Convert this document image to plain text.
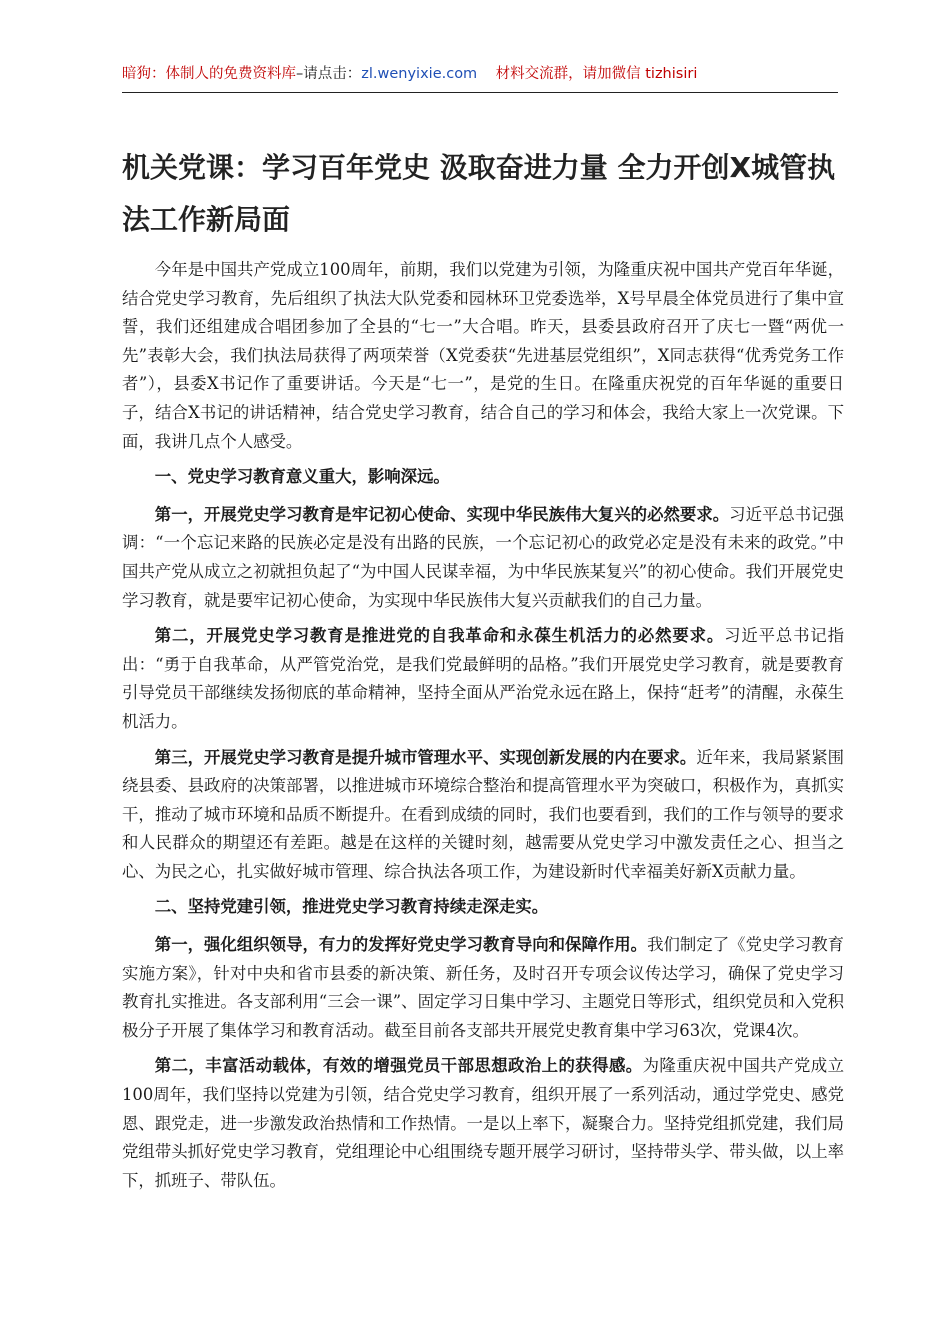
暗狗：体制人的免费资料库–请点击：zl.wenyixie.com 材料交流群，请加微信 tizhisiri
机关党课：学习百年党史 汲取奋进力量 全力开创X城管执法工作新局面

今年是中国共产党成立100周年，前期，我们以党建为引领，为隆重庆祝中国共产党百年华诞，结合党史学习教育，先后组织了执法大队党委和园林环卫党委选举，X号早晨全体党员进行了集中宣誓，我们还组建成合唱团参加了全县的“七一”大合唱。昨天，县委县政府召开了庆七一暨“两优一先”表彰大会，我们执法局获得了两项荣誉（X党委获“先进基层党组织”，X同志获得“优秀党务工作者”），县委X书记作了重要讲话。今天是“七一”，是党的生日。在隆重庆祝党的百年华诞的重要日子，结合X书记的讲话精神，结合党史学习教育，结合自己的学习和体会，我给大家上一次党课。下面，我讲几点个人感受。

一、党史学习教育意义重大，影响深远。

第一，开展党史学习教育是牢记初心使命、实现中华民族伟大复兴的必然要求。习近平总书记强调：“一个忘记来路的民族必定是没有出路的民族，一个忘记初心的政党必定是没有未来的政党。”中国共产党从成立之初就担负起了“为中国人民谋幸福，为中华民族某复兴”的初心使命。我们开展党史学习教育，就是要牢记初心使命，为实现中华民族伟大复兴贡献我们的自己力量。

第二，开展党史学习教育是推进党的自我革命和永葆生机活力的必然要求。习近平总书记指出：“勇于自我革命，从严管党治党，是我们党最鲜明的品格。”我们开展党史学习教育，就是要教育引导党员干部继续发扬彻底的革命精神，坚持全面从严治党永远在路上，保持“赶考”的清醒，永葆生机活力。

第三，开展党史学习教育是提升城市管理水平、实现创新发展的内在要求。近年来，我局紧紧围绕县委、县政府的决策部署，以推进城市环境综合整治和提高管理水平为突破口，积极作为，真抓实干，推动了城市环境和品质不断提升。在看到成绩的同时，我们也要看到，我们的工作与领导的要求和人民群众的期望还有差距。越是在这样的关键时刻，越需要从党史学习中激发责任之心、担当之心、为民之心，扎实做好城市管理、综合执法各项工作，为建设新时代幸福美好新X贡献力量。

二、坚持党建引领，推进党史学习教育持续走深走实。

第一，强化组织领导，有力的发挥好党史学习教育导向和保障作用。我们制定了《党史学习教育实施方案》，针对中央和省市县委的新决策、新任务，及时召开专项会议传达学习，确保了党史学习教育扎实推进。各支部利用“三会一课”、固定学习日集中学习、主题党日等形式，组织党员和入党积极分子开展了集体学习和教育活动。截至目前各支部共开展党史教育集中学习63次，党课4次。

第二，丰富活动载体，有效的增强党员干部思想政治上的获得感。为隆重庆祝中国共产党成立100周年，我们坚持以党建为引领，结合党史学习教育，组织开展了一系列活动，通过学党史、感党恩、跟党走，进一步激发政治热情和工作热情。一是以上率下，凝聚合力。坚持党组抓党建，我们局党组带头抓好党史学习教育，党组理论中心组围绕专题开展学习研讨，坚持带头学、带头做，以上率下，抓班子、带队伍。
